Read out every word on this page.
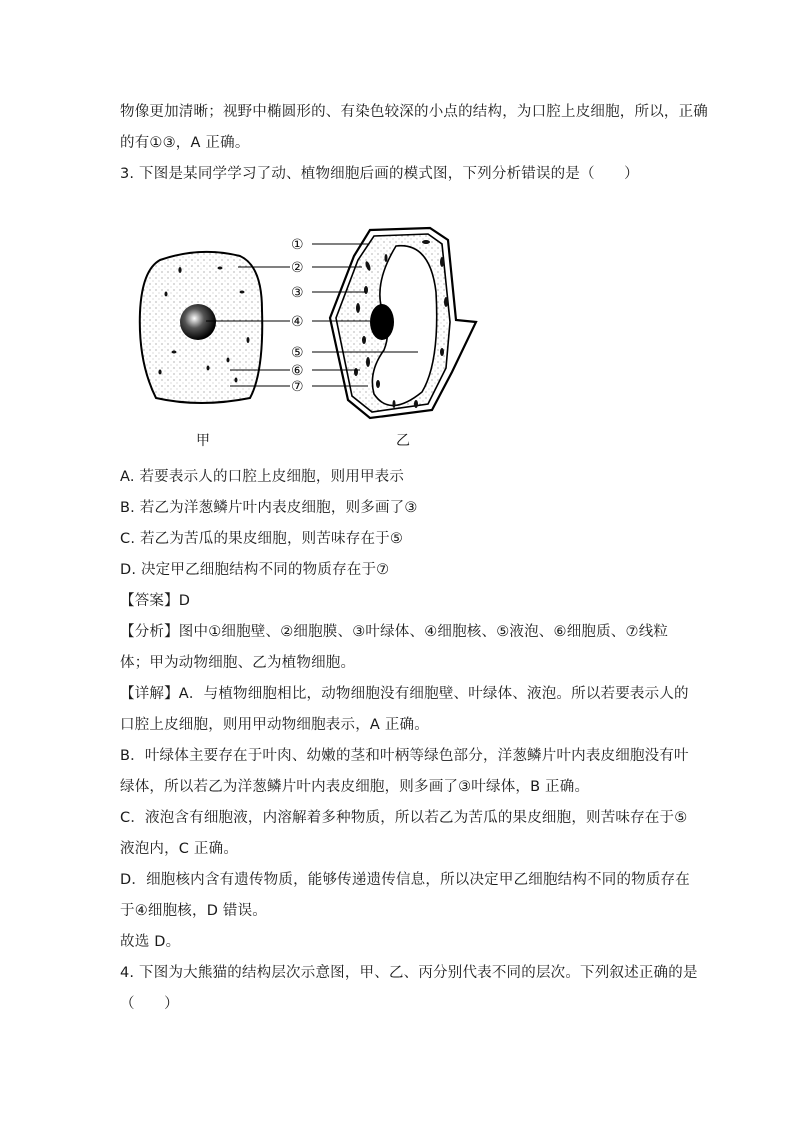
物像更加清晰；视野中椭圆形的、有染色较深的小点的结构，为口腔上皮细胞，所以，正确
的有①③，A 正确。
3. 下图是某同学学习了动、植物细胞后画的模式图，下列分析错误的是（　　）
①
②
③
④
⑤
⑥
⑦
甲	乙
A. 若要表示人的口腔上皮细胞，则用甲表示
B. 若乙为洋葱鳞片叶内表皮细胞，则多画了③
C. 若乙为苦瓜的果皮细胞，则苦味存在于⑤
D. 决定甲乙细胞结构不同的物质存在于⑦
【答案】D
【分析】图中①细胞壁、②细胞膜、③叶绿体、④细胞核、⑤液泡、⑥细胞质、⑦线粒
体；甲为动物细胞、乙为植物细胞。
【详解】A．与植物细胞相比，动物细胞没有细胞壁、叶绿体、液泡。所以若要表示人的
口腔上皮细胞，则用甲动物细胞表示，A 正确。
B．叶绿体主要存在于叶肉、幼嫩的茎和叶柄等绿色部分，洋葱鳞片叶内表皮细胞没有叶
绿体，所以若乙为洋葱鳞片叶内表皮细胞，则多画了③叶绿体，B 正确。
C．液泡含有细胞液，内溶解着多种物质，所以若乙为苦瓜的果皮细胞，则苦味存在于⑤
液泡内，C 正确。
D．细胞核内含有遗传物质，能够传递遗传信息，所以决定甲乙细胞结构不同的物质存在
于④细胞核，D 错误。
故选 D。
4. 下图为大熊猫的结构层次示意图，甲、乙、丙分别代表不同的层次。下列叙述正确的是
（　　）
